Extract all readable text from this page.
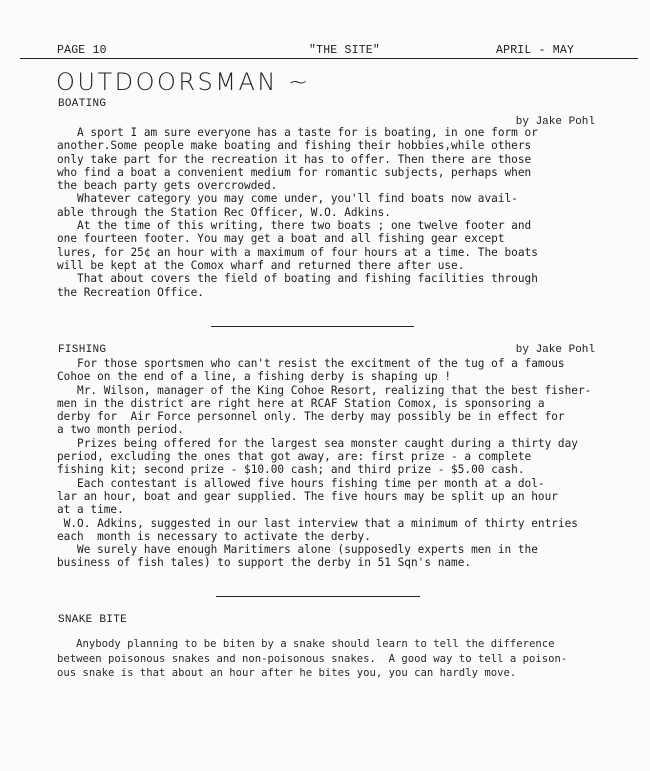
PAGE 10	"THE SITE"	APRIL - MAY
OUTDOORSMAN ~
BOATING
by Jake Pohl
A sport I am sure everyone has a taste for is boating, in one form or
another.Some people make boating and fishing their hobbies,while others
only take part for the recreation it has to offer. Then there are those
who find a boat a convenient medium for romantic subjects, perhaps when
the beach party gets overcrowded.
Whatever category you may come under, you'll find boats now avail-
able through the Station Rec Officer, W.O. Adkins.
At the time of this writing, there two boats ; one twelve footer and
one fourteen footer. You may get a boat and all fishing gear except
lures, for 25¢ an hour with a maximum of four hours at a time. The boats
will be kept at the Comox wharf and returned there after use.
That about covers the field of boating and fishing facilities through
the Recreation Office.
FISHING	by Jake Pohl
For those sportsmen who can't resist the excitment of the tug of a famous
Cohoe on the end of a line, a fishing derby is shaping up !
Mr. Wilson, manager of the King Cohoe Resort, realizing that the best fisher-
men in the district are right here at RCAF Station Comox, is sponsoring a
derby for  Air Force personnel only. The derby may possibly be in effect for
a two month period.
Prizes being offered for the largest sea monster caught during a thirty day
period, excluding the ones that got away, are: first prize - a complete
fishing kit; second prize - $10.00 cash; and third prize - $5.00 cash.
Each contestant is allowed five hours fishing time per month at a dol-
lar an hour, boat and gear supplied. The five hours may be split up an hour
at a time.
W.O. Adkins, suggested in our last interview that a minimum of thirty entries
each  month is necessary to activate the derby.
We surely have enough Maritimers alone (supposedly experts men in the
business of fish tales) to support the derby in 51 Sqn's name.
SNAKE BITE
Anybody planning to be biten by a snake should learn to tell the difference
between poisonous snakes and non-poisonous snakes.  A good way to tell a poison-
ous snake is that about an hour after he bites you, you can hardly move.
